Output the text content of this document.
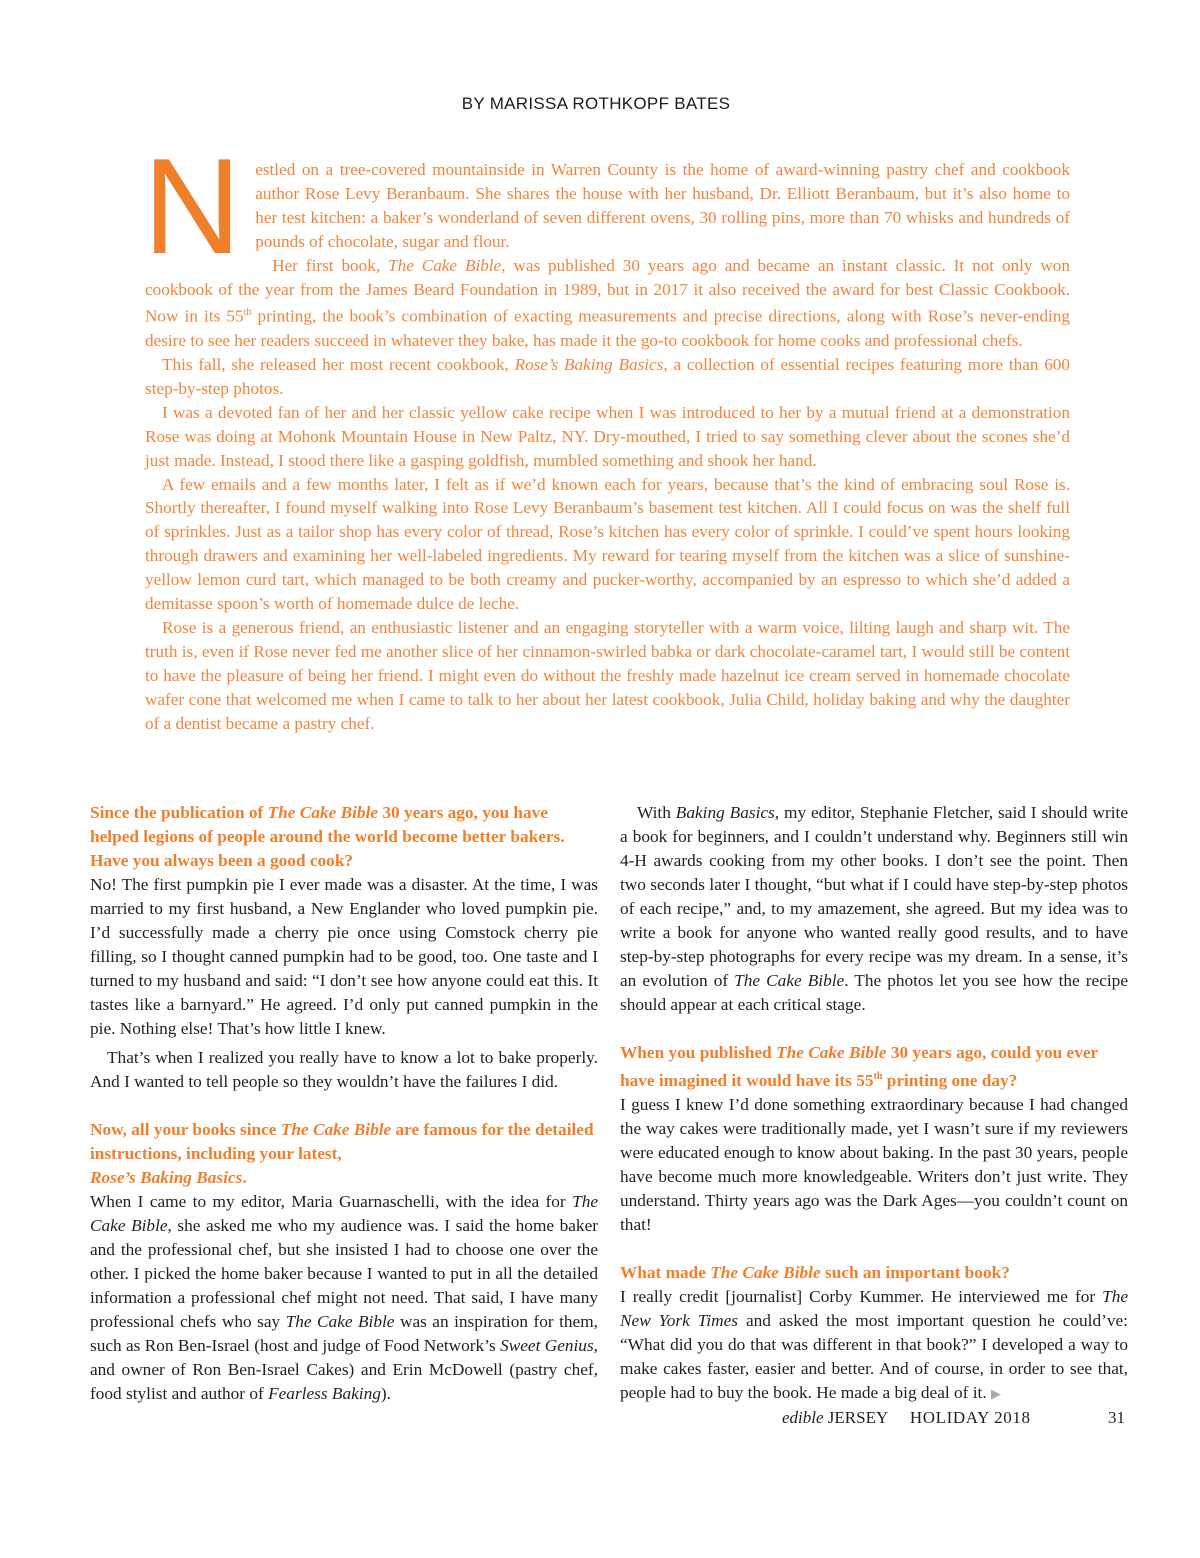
BY MARISSA ROTHKOPF BATES

Nestled on a tree-covered mountainside in Warren County is the home of award-winning pastry chef and cookbook author Rose Levy Beranbaum. She shares the house with her husband, Dr. Elliott Beranbaum, but it’s also home to her test kitchen: a baker’s wonderland of seven different ovens, 30 rolling pins, more than 70 whisks and hundreds of pounds of chocolate, sugar and flour.

Her first book, The Cake Bible, was published 30 years ago and became an instant classic. It not only won cookbook of the year from the James Beard Foundation in 1989, but in 2017 it also received the award for best Classic Cookbook. Now in its 55th printing, the book’s combination of exacting measurements and precise directions, along with Rose’s never-ending desire to see her readers succeed in whatever they bake, has made it the go-to cookbook for home cooks and professional chefs.

This fall, she released her most recent cookbook, Rose’s Baking Basics, a collection of essential recipes featuring more than 600 step-by-step photos.

I was a devoted fan of her and her classic yellow cake recipe when I was introduced to her by a mutual friend at a demonstration Rose was doing at Mohonk Mountain House in New Paltz, NY. Dry-mouthed, I tried to say something clever about the scones she’d just made. Instead, I stood there like a gasping goldfish, mumbled something and shook her hand.

A few emails and a few months later, I felt as if we’d known each for years, because that’s the kind of embracing soul Rose is. Shortly thereafter, I found myself walking into Rose Levy Beranbaum’s basement test kitchen. All I could focus on was the shelf full of sprinkles. Just as a tailor shop has every color of thread, Rose’s kitchen has every color of sprinkle. I could’ve spent hours looking through drawers and examining her well-labeled ingredients. My reward for tearing myself from the kitchen was a slice of sunshine-yellow lemon curd tart, which managed to be both creamy and pucker-worthy, accompanied by an espresso to which she’d added a demitasse spoon’s worth of homemade dulce de leche.

Rose is a generous friend, an enthusiastic listener and an engaging storyteller with a warm voice, lilting laugh and sharp wit. The truth is, even if Rose never fed me another slice of her cinnamon-swirled babka or dark chocolate-caramel tart, I would still be content to have the pleasure of being her friend. I might even do without the freshly made hazelnut ice cream served in homemade chocolate wafer cone that welcomed me when I came to talk to her about her latest cookbook, Julia Child, holiday baking and why the daughter of a dentist became a pastry chef.

Since the publication of The Cake Bible 30 years ago, you have helped legions of people around the world become better bakers. Have you always been a good cook?

No! The first pumpkin pie I ever made was a disaster. At the time, I was married to my first husband, a New Englander who loved pumpkin pie. I’d successfully made a cherry pie once using Comstock cherry pie filling, so I thought canned pumpkin had to be good, too. One taste and I turned to my husband and said: “I don’t see how anyone could eat this. It tastes like a barnyard.” He agreed. I’d only put canned pumpkin in the pie. Nothing else! That’s how little I knew.

That’s when I realized you really have to know a lot to bake properly. And I wanted to tell people so they wouldn’t have the failures I did.

Now, all your books since The Cake Bible are famous for the detailed instructions, including your latest,
Rose’s Baking Basics.

When I came to my editor, Maria Guarnaschelli, with the idea for The Cake Bible, she asked me who my audience was. I said the home baker and the professional chef, but she insisted I had to choose one over the other. I picked the home baker because I wanted to put in all the detailed information a professional chef might not need. That said, I have many professional chefs who say The Cake Bible was an inspiration for them, such as Ron Ben-Israel (host and judge of Food Network’s Sweet Genius, and owner of Ron Ben-Israel Cakes) and Erin McDowell (pastry chef, food stylist and author of Fearless Baking).

With Baking Basics, my editor, Stephanie Fletcher, said I should write a book for beginners, and I couldn’t understand why. Beginners still win 4-H awards cooking from my other books. I don’t see the point. Then two seconds later I thought, “but what if I could have step-by-step photos of each recipe,” and, to my amazement, she agreed. But my idea was to write a book for anyone who wanted really good results, and to have step-by-step photographs for every recipe was my dream. In a sense, it’s an evolution of The Cake Bible. The photos let you see how the recipe should appear at each critical stage.

When you published The Cake Bible 30 years ago, could you ever have imagined it would have its 55th printing one day?

I guess I knew I’d done something extraordinary because I had changed the way cakes were traditionally made, yet I wasn’t sure if my reviewers were educated enough to know about baking. In the past 30 years, people have become much more knowledgeable. Writers don’t just write. They understand. Thirty years ago was the Dark Ages—you couldn’t count on that!

What made The Cake Bible such an important book?

I really credit [journalist] Corby Kummer. He interviewed me for The New York Times and asked the most important question he could’ve: “What did you do that was different in that book?” I developed a way to make cakes faster, easier and better. And of course, in order to see that, people had to buy the book. He made a big deal of it. ▶

edible JERSEY HOLIDAY 2018	31
